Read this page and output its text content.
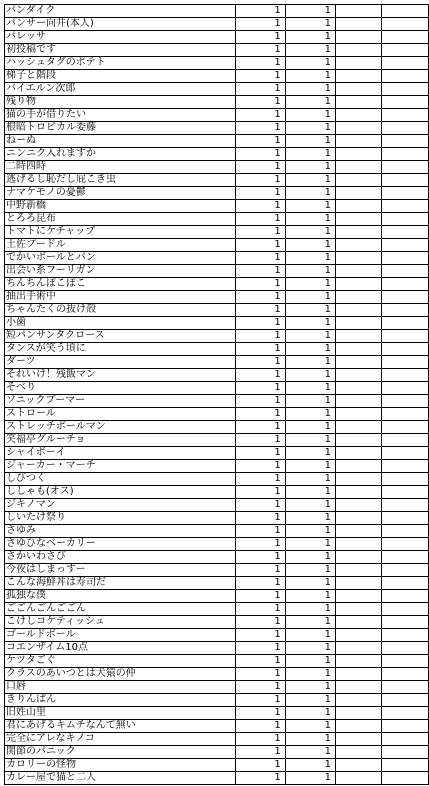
パンダイク	1	1		
パンサー向井(本人)	1	1		
パレッサ	1	1		
初投稿です	1	1		
ハッシュタグのポテト	1	1		
梯子と階段	1	1		
バイエルン次郎	1	1		
残り物	1	1		
猫の手が借りたい	1	1		
根暗トロピカル委藤	1	1		
ねーぬ	1	1		
ニンニク入れますか	1	1		
二時四時	1	1		
逃げるし恥だし屁こき虫	1	1		
ナマケモノの憂鬱	1	1		
中野新橋	1	1		
とろろ昆布	1	1		
トマトにケチャップ	1	1		
土佐プードル	1	1		
でかいボールとパン	1	1		
出会い系フーリガン	1	1		
ちんちんぽこぽこ	1	1		
抽出手術中	1	1		
ちゃんたくの抜け殻	1	1		
小歯	1	1		
短パンサンタクロース	1	1		
タンスが笑う頃に	1	1		
ダーツ	1	1		
それいけ！残飯マン	1	1		
そべり	1	1		
ソニックブーマー	1	1		
ストロール	1	1		
ストレッチボールマン	1	1		
笑福亭グルーチョ	1	1		
シャイボーイ	1	1		
ジャーカー・マーチ	1	1		
しびつく	1	1		
ししゃも(オス)	1	1		
ジキノマン	1	1		
しいたけ祭り	1	1		
さゆみ	1	1		
さゆひなベーカリー	1	1		
さかいわさび	1	1		
今夜はしまっすー	1	1		
こんな海鮮丼は寿司だ	1	1		
孤独な僕	1	1		
ごごんごんごごん	1	1		
こけしコケティッシュ	1	1		
ゴールドボール	1	1		
コエンザイム10点	1	1		
ケツタごぐ	1	1		
クラスのあいつとは犬猿の仲	1	1		
口唇	1	1		
きりんぱん	1	1		
旧姓山里	1	1		
君にあげるキムチなんて無い	1	1		
完全にアレなキノコ	1	1		
関節のパニック	1	1		
カロリーの怪物	1	1		
カレー屋で猫と二人	1	1		
